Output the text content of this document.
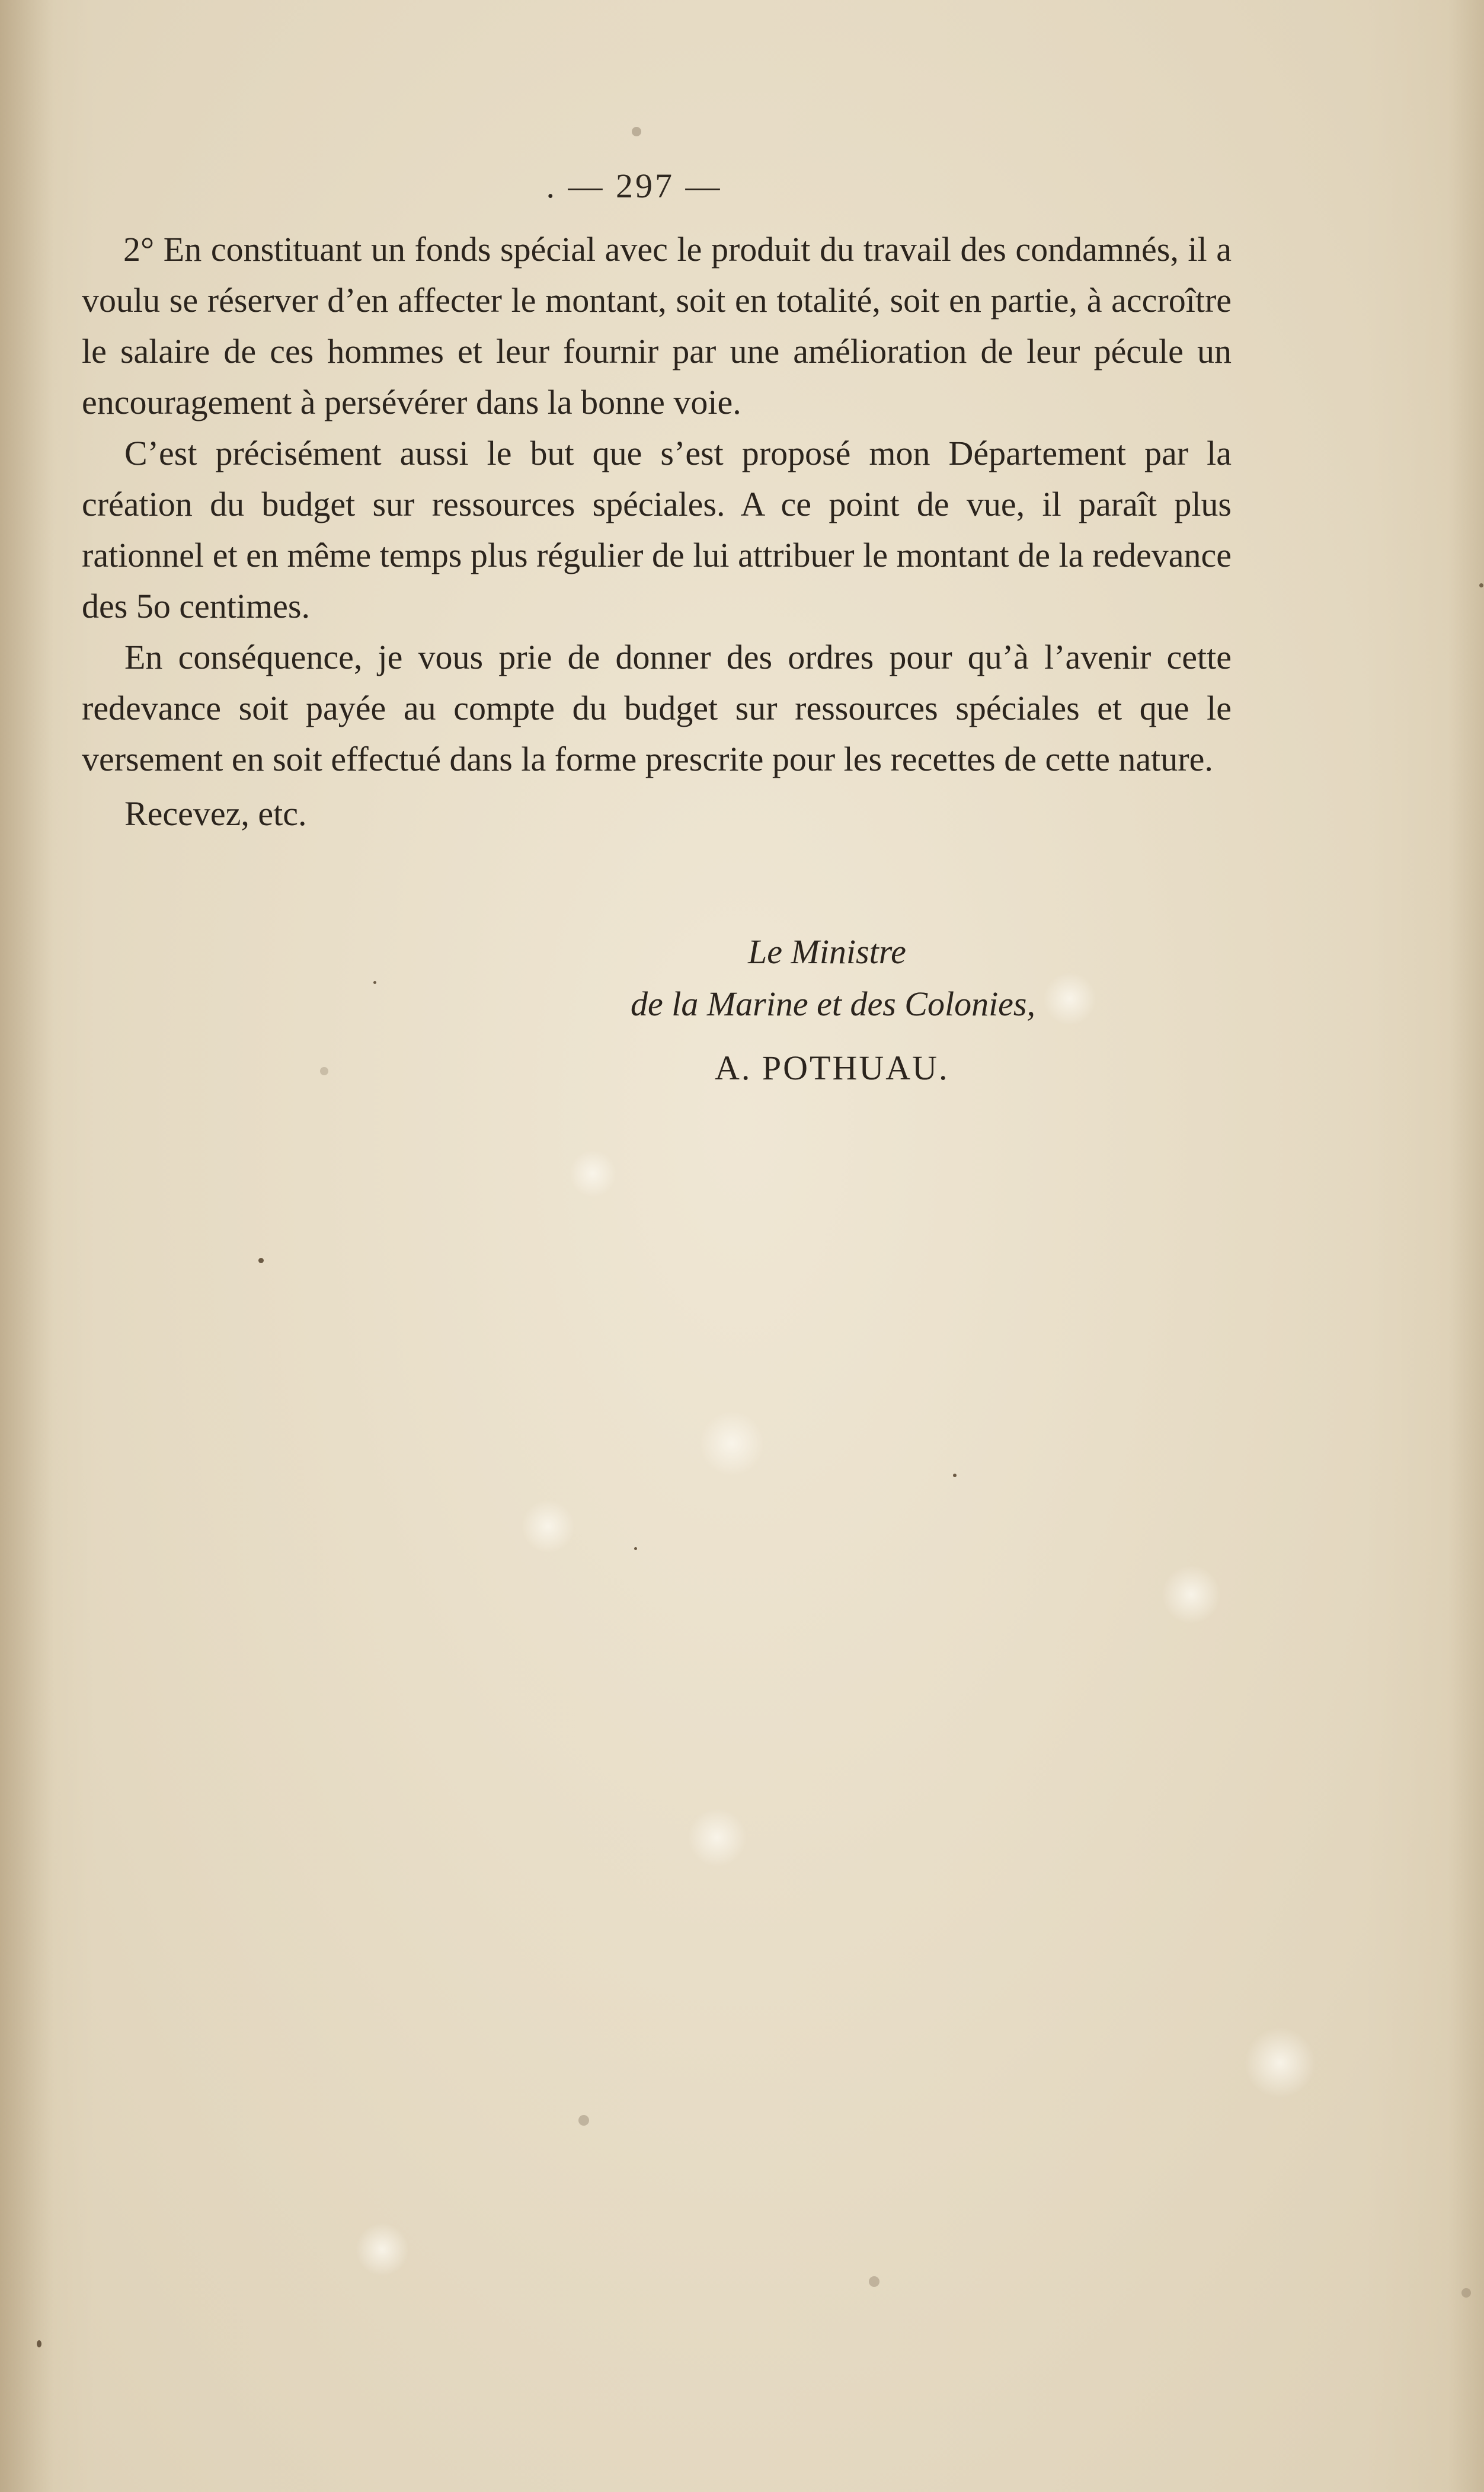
. — 297 —

2° En constituant un fonds spécial avec le produit du travail des condamnés, il a voulu se réserver d’en affecter le montant, soit en totalité, soit en partie, à accroître le salaire de ces hommes et leur fournir par une amélioration de leur pécule un encouragement à persévérer dans la bonne voie.

C’est précisément aussi le but que s’est proposé mon Département par la création du budget sur ressources spéciales. A ce point de vue, il paraît plus rationnel et en même temps plus régulier de lui attribuer le montant de la redevance des 5o centimes.

En conséquence, je vous prie de donner des ordres pour qu’à l’avenir cette redevance soit payée au compte du budget sur ressources spéciales et que le versement en soit effectué dans la forme prescrite pour les recettes de cette nature.

Recevez, etc.

Le Ministre
de la Marine et des Colonies,
A. POTHUAU.
